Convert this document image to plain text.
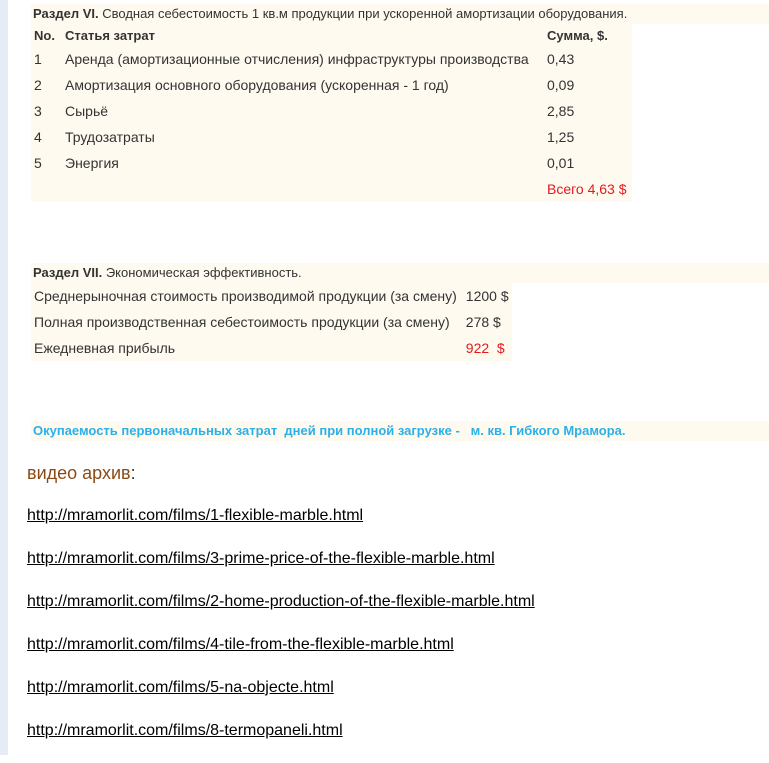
Раздел VI. Сводная себестоимость 1 кв.м продукции при ускоренной амортизации оборудования.
No.	Статья затрат	Сумма, $.
1	Аренда (амортизационные отчисления) инфраструктуры производства	0,43
2	Амортизация основного оборудования (ускоренная - 1 год)	0,09
3	Сырьё	2,85
4	Трудозатраты	1,25
5	Энергия	0,01
		Всего 4,63 $
Раздел VII. Экономическая эффективность.
Среднерыночная стоимость производимой продукции (за смену)	1200 $
Полная производственная себестоимость продукции (за смену)	278 $
Ежедневная прибыль	922  $
Окупаемость первоначальных затрат  дней при полной загрузке -   м. кв. Гибкого Мрамора.
видео архив:
http://mramorlit.com/films/1-flexible-marble.html
http://mramorlit.com/films/3-prime-price-of-the-flexible-marble.html
http://mramorlit.com/films/2-home-production-of-the-flexible-marble.html
http://mramorlit.com/films/4-tile-from-the-flexible-marble.html
http://mramorlit.com/films/5-na-objecte.html
http://mramorlit.com/films/8-termopaneli.html
